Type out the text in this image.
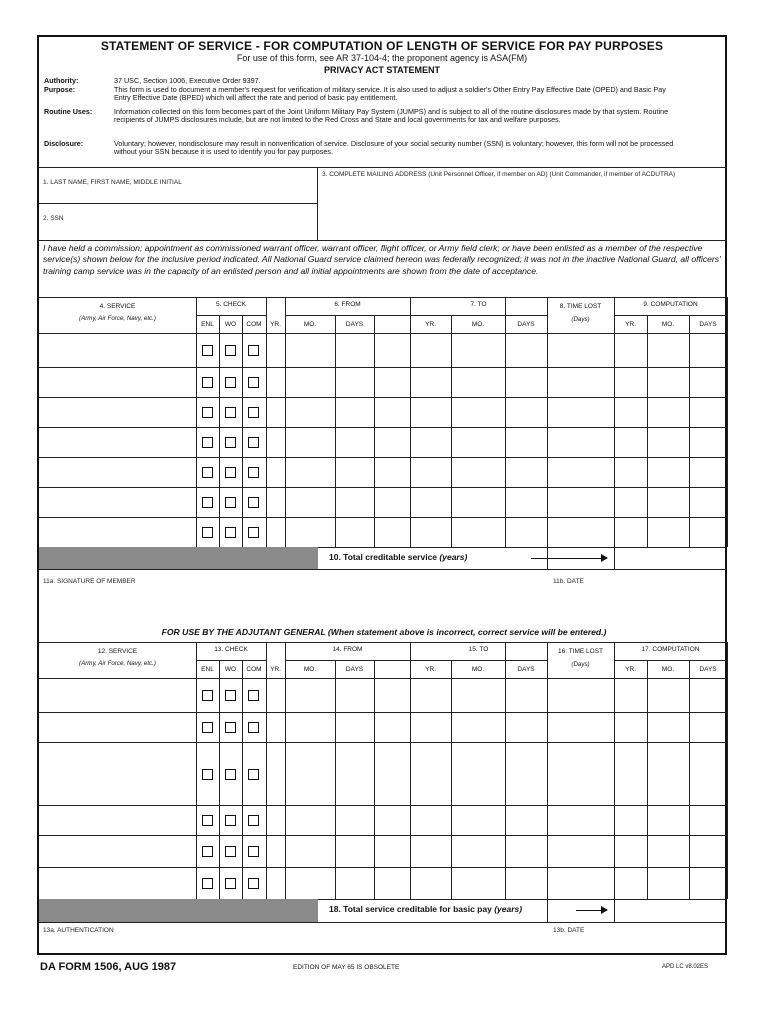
STATEMENT OF SERVICE - FOR COMPUTATION OF LENGTH OF SERVICE FOR PAY PURPOSES
For use of this form, see AR 37-104-4; the proponent agency is ASA(FM)
PRIVACY ACT STATEMENT
Authority:	37 USC, Section 1006, Executive Order 9397.
Purpose:	This form is used to document a member's request for verification of military service. It is also used to adjust a soldier's Other Entry Pay Effective Date (OPED) and Basic Pay Entry Effective Date (BPED) which will affect the rate and period of basic pay entitlement.
Routine Uses:	Information collected on this form becomes part of the Joint Uniform Military Pay System (JUMPS) and is subject to all of the routine disclosures made by that system. Routine recipients of JUMPS disclosures include, but are not limited to the Red Cross and State and local governments for tax and welfare purposes.
Disclosure:	Voluntary; however, nondisclosure may result in nonverification of service. Disclosure of your social security number (SSN) is voluntary; however, this form will not be processed without your SSN because it is used to identify you for pay purposes.
1. LAST NAME, FIRST NAME, MIDDLE INITIAL
2. SSN
3. COMPLETE MAILING ADDRESS (Unit Personnel Officer, if member on AD) (Unit Commander, if member of ACDUTRA)
I have held a commission; appointment as commissioned warrant officer, warrant officer, flight officer, or Army field clerk; or have been enlisted as a member of the respective service(s) shown below for the inclusive period indicated. All National Guard service claimed hereon was federally recognized; it was not in the inactive National Guard, all officers' training camp service was in the capacity of an enlisted person and all initial appointments are shown from the date of acceptance.
4. SERVICE
(Army, Air Force, Navy, etc.)
5. CHECK	6. FROM	7. TO	8. TIME LOST
(Days)
9. COMPUTATION
ENL	WO	COM	YR.	MO.	DAYS	YR.	MO.	DAYS	YR.	MO.	DAYS
10. Total creditable service (years)
11a. SIGNATURE OF MEMBER	11b. DATE
FOR USE BY THE ADJUTANT GENERAL (When statement above is incorrect, correct service will be entered.)
12. SERVICE
(Army, Air Force, Navy, etc.)
13. CHECK	14. FROM	15. TO	16. TIME LOST
(Days)
17. COMPUTATION
ENL	WO	COM	YR.	MO.	DAYS	YR.	MO.	DAYS	YR.	MO.	DAYS
18. Total service creditable for basic pay (years)
13a. AUTHENTICATION	13b. DATE
DA FORM 1506, AUG 1987	EDITION OF MAY 65 IS OBSOLETE	APD LC v8.02ES
